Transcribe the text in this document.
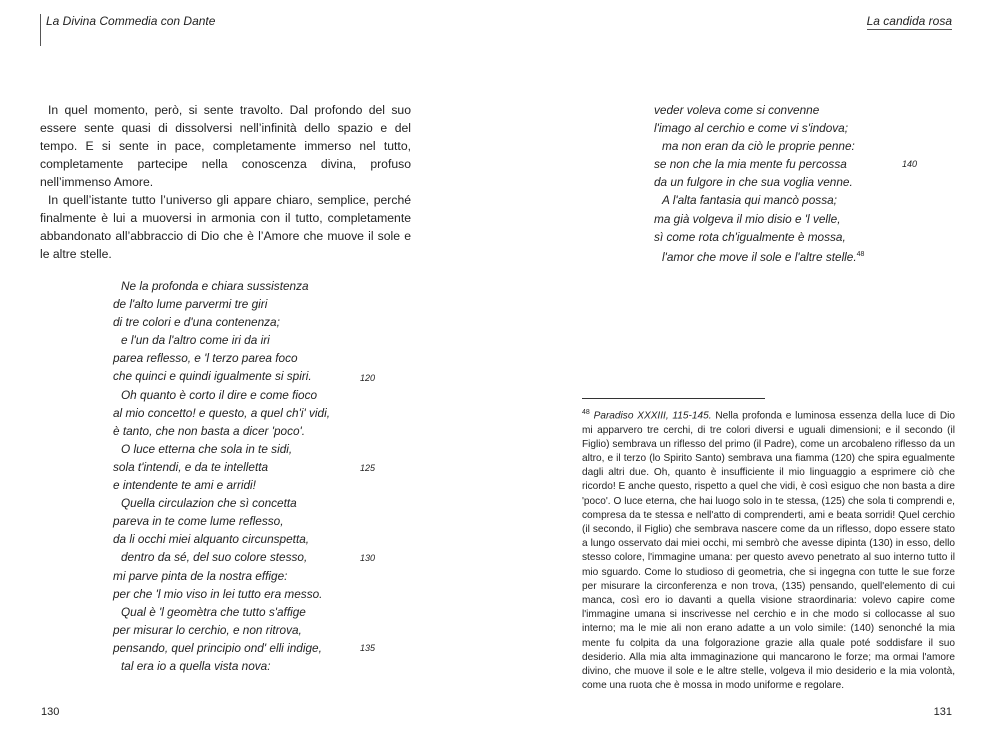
La Divina Commedia con Dante	La candida rosa

In quel momento, però, si sente travolto. Dal profondo del suo essere sente quasi di dissolversi nell’infinità dello spazio e del tempo. E si sente in pace, completamente immerso nel tutto, completamente partecipe nella conoscenza divina, profuso nell’immenso Amore.

In quell’istante tutto l’universo gli appare chiaro, semplice, perché finalmente è lui a muoversi in armonia con il tutto, completamente abbandonato all’abbraccio di Dio che è l’Amore che muove il sole e le altre stelle.

Ne la profonda e chiara sussistenza
de l'alto lume parvermi tre giri
di tre colori e d'una contenenza;
e l'un da l'altro come iri da iri
parea reflesso, e 'l terzo parea foco
che quinci e quindi igualmente si spiri.
Oh quanto è corto il dire e come fioco
al mio concetto! e questo, a quel ch'i' vidi,
è tanto, che non basta a dicer 'poco'.
O luce etterna che sola in te sidi,
sola t'intendi, e da te intelletta
e intendente te ami e arridi!
Quella circulazion che sì concetta
pareva in te come lume reflesso,
da li occhi miei alquanto circunspetta,
dentro da sé, del suo colore stesso,
mi parve pinta de la nostra effige:
per che 'l mio viso in lei tutto era messo.
Qual è 'l geomètra che tutto s'affige
per misurar lo cerchio, e non ritrova,
pensando, quel principio ond' elli indige,
tal era io a quella vista nova:
120
125
130
135
veder voleva come si convenne
l'imago al cerchio e come vi s'indova;
ma non eran da ciò le proprie penne:
se non che la mia mente fu percossa
da un fulgore in che sua voglia venne.
A l'alta fantasia qui mancò possa;
ma già volgeva il mio disio e 'l velle,
sì come rota ch'igualmente è mossa,
l'amor che move il sole e l'altre stelle.$^{48}$
140
$^{48}$ Paradiso XXXIII, 115-145. Nella profonda e luminosa essenza della luce di Dio mi apparvero tre cerchi, di tre colori diversi e uguali dimensioni; e il secondo (il Figlio) sembrava un riflesso del primo (il Padre), come un arcobaleno riflesso da un altro, e il terzo (lo Spirito Santo) sembrava una fiamma (120) che spira egualmente dagli altri due. Oh, quanto è insufficiente il mio linguaggio a esprimere ciò che ricordo! E anche questo, rispetto a quel che vidi, è così esiguo che non basta a dire 'poco'. O luce eterna, che hai luogo solo in te stessa, (125) che sola ti comprendi e, compresa da te stessa e nell'atto di comprenderti, ami e beata sorridi! Quel cerchio (il secondo, il Figlio) che sembrava nascere come da un riflesso, dopo essere stato a lungo osservato dai miei occhi, mi sembrò che avesse dipinta (130) in esso, dello stesso colore, l'immagine umana: per questo avevo penetrato al suo interno tutto il mio sguardo. Come lo studioso di geometria, che si ingegna con tutte le sue forze per misurare la circonferenza e non trova, (135) pensando, quell'elemento di cui manca, così ero io davanti a quella visione straordinaria: volevo capire come l'immagine umana si inscrivesse nel cerchio e in che modo si collocasse al suo interno; ma le mie ali non erano adatte a un volo simile: (140) senonché la mia mente fu colpita da una folgorazione grazie alla quale poté soddisfare il suo desiderio. Alla mia alta immaginazione qui mancarono le forze; ma ormai l'amore divino, che muove il sole e le altre stelle, volgeva il mio desiderio e la mia volontà, come una ruota che è mossa in modo uniforme e regolare.
130	131
